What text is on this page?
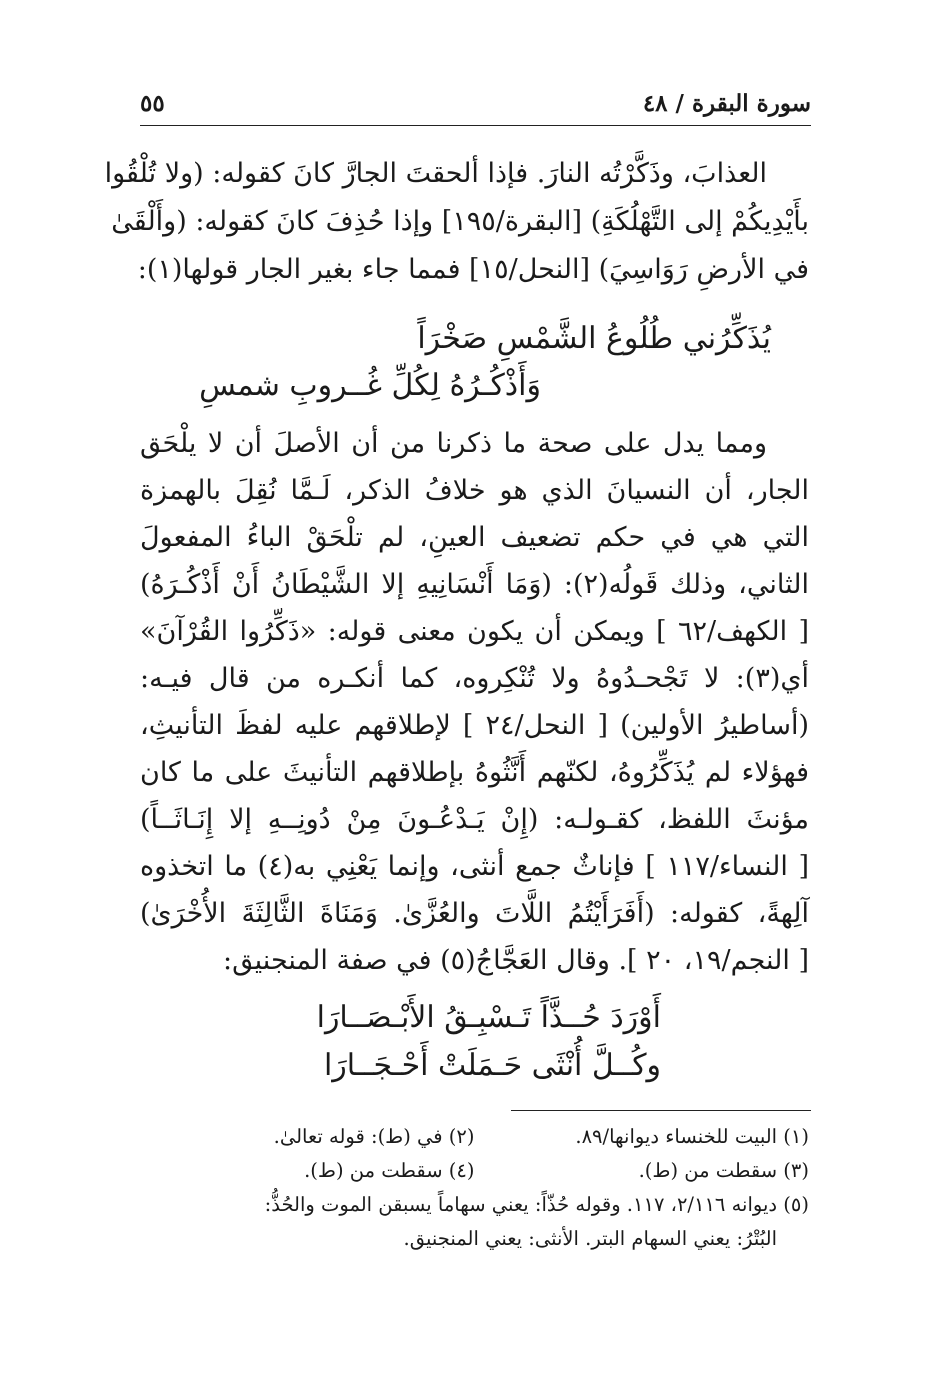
سورة البقرة / ٤٨
٥٥
العذابَ، وذَكَّرْتُه النارَ. فإذا ألحقتَ الجارَّ كانَ كقوله: (ولا تُلْقُوا
بأَيْدِيكُمْ إلى التَّهْلُكَةِ) [البقرة/١٩٥] وإذا حُذِفَ كانَ كقوله: (وأَلْقَىٰ
في الأرضِ رَوَاسِيَ) [النحل/١٥] فمما جاء بغير الجار قولها(١):
يُذَكِّرُني طُلُوعُ الشَّمْسِ صَخْرَاً
وَأَذْكُـرُهُ لِكُلِّ غُــروبِ شمسِ
ومما يدل على صحة ما ذكرنا من أن الأصلَ أن لا يلْحَق
الجار، أن النسيانَ الذي هو خلافُ الذكر، لَـمَّا نُقِلَ بالهمزة
التي هي في حكم تضعيف العينِ، لم تلْحَقْ الباءُ المفعولَ
الثاني، وذلك قَولُه(٢): (وَمَا أَنْسَانِيهِ إلا الشَّيْطَانُ أَنْ أَذْكُـرَهُ)
[ الكهف/٦٢ ] ويمكن أن يكون معنى قوله: «ذَكِّرُوا القُرْآنَ»
أي(٣): لا تَجْحـدُوهُ ولا تُنْكِروه، كما أنكـره من قال فيـه:
(أساطيرُ الأولين) [ النحل/٢٤ ] لإطلاقهم عليه لفظَ التأنيثِ،
فهؤلاء لم يُذَكِّرُوهُ، لكنّهم أَنَّثُوهُ بإطلاقهم التأنيثَ على ما كان
مؤنثَ اللفظ، كقـولـه: (إِنْ يَـدْعُـونَ مِنْ دُونِــهِ إلا إِنَـاثَــاً)
[ النساء/١١٧ ] فإناثٌ جمع أنثى، وإنما يَعْنِي به(٤) ما اتخذوه
آلِهةً، كقوله: (أَفَرَأَيْتُمُ اللَّاتَ والعُزَّىٰ. وَمَنَاةَ الثَّالِثَةَ الأُخْرَىٰ)
[ النجم/١٩، ٢٠ ]. وقال العَجَّاجُ(٥) في صفة المنجنيق:
أَوْرَدَ حُــذَّاً تَـسْبِـقُ الأَبْـصَــارَا
وكُــلَّ أُنْثَى حَـمَلَتْ أَحْـجَــارَا
(١) البيت للخنساء ديوانها/٨٩.
(٢) في (ط): قوله تعالىٰ.
(٣) سقطت من (ط).
(٤) سقطت من (ط).
(٥) ديوانه ٢/١١٦، ١١٧. وقوله حُذّاً: يعني سهاماً يسبقن الموت والحُذُّ:
البُتْرُ: يعني السهام البتر. الأنثى: يعني المنجنيق.
